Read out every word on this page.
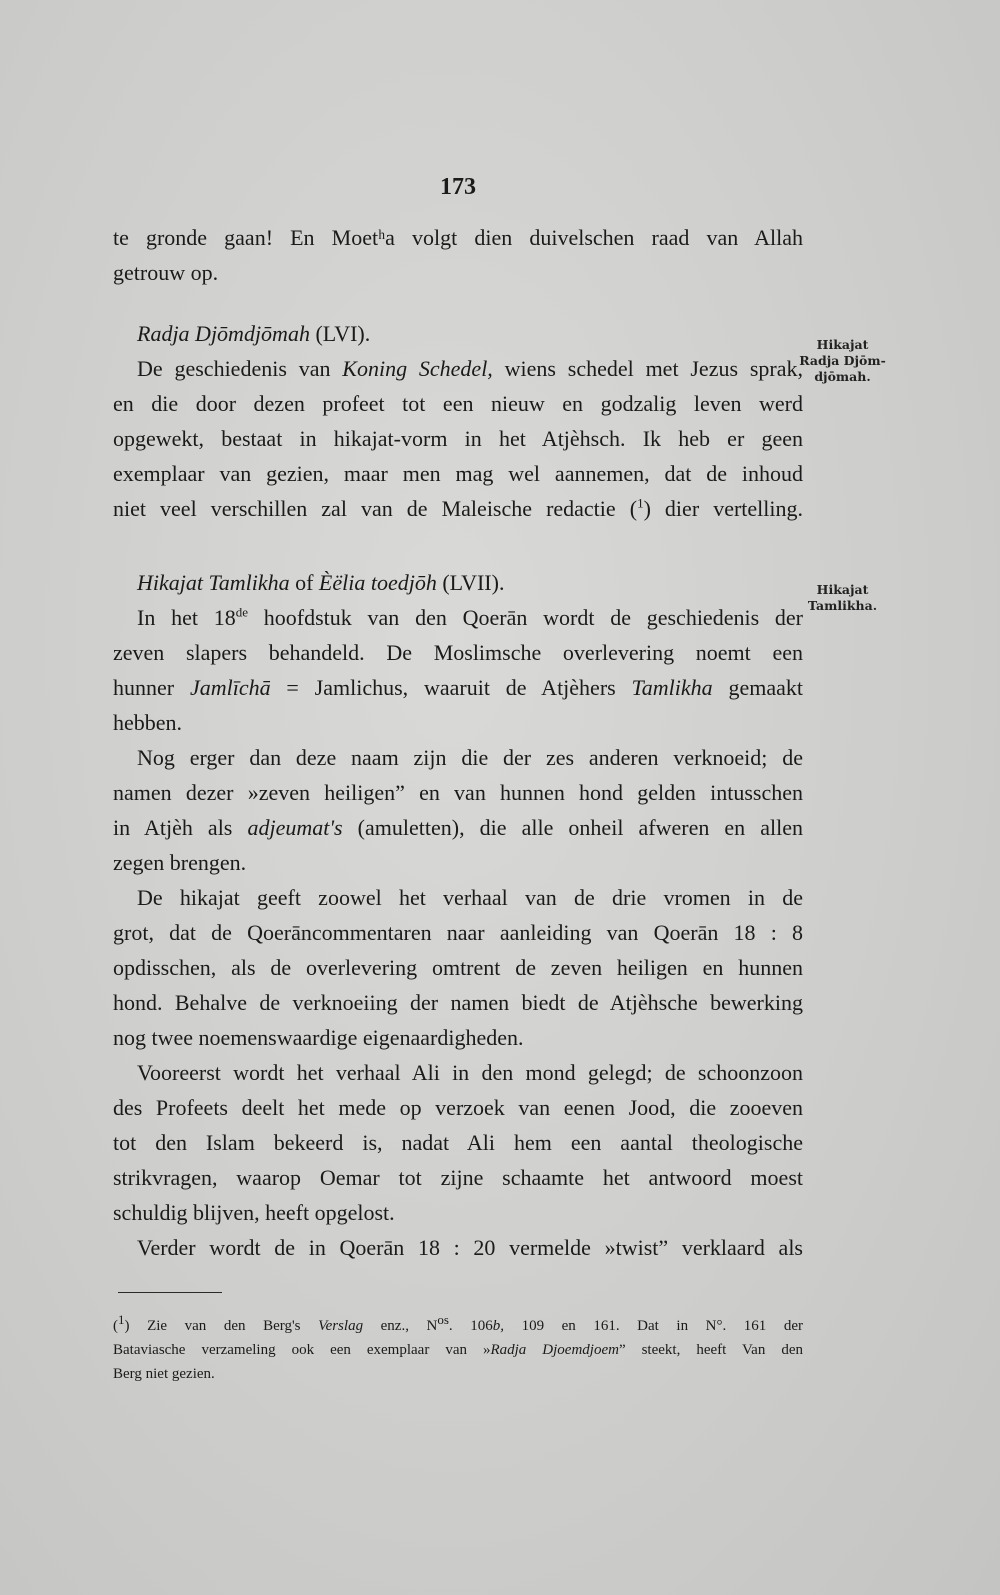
173
te gronde gaan! En Moetʰa volgt dien duivelschen raad van Allah
getrouw op.
Radja Djōmdjōmah (LVI).
De geschiedenis van Koning Schedel, wiens schedel met Jezus sprak,
en die door dezen profeet tot een nieuw en godzalig leven werd
opgewekt, bestaat in hikajat-vorm in het Atjèhsch. Ik heb er geen
exemplaar van gezien, maar men mag wel aannemen, dat de inhoud
niet veel verschillen zal van de Maleische redactie ($^1$) dier vertelling.
Hikajat Tamlikha of Èëlia toedjōh (LVII).
In het 18de hoofdstuk van den Qoerān wordt de geschiedenis der
zeven slapers behandeld. De Moslimsche overlevering noemt een
hunner Jamlīchā = Jamlichus, waaruit de Atjèhers Tamlikha gemaakt
hebben.
Nog erger dan deze naam zijn die der zes anderen verknoeid; de
namen dezer »zeven heiligen” en van hunnen hond gelden intusschen
in Atjèh als adjeumat's (amuletten), die alle onheil afweren en allen
zegen brengen.
De hikajat geeft zoowel het verhaal van de drie vromen in de
grot, dat de Qoerāncommentaren naar aanleiding van Qoerān 18 : 8
opdisschen, als de overlevering omtrent de zeven heiligen en hunnen
hond. Behalve de verknoeiing der namen biedt de Atjèhsche bewerking
nog twee noemenswaardige eigenaardigheden.
Vooreerst wordt het verhaal Ali in den mond gelegd; de schoonzoon
des Profeets deelt het mede op verzoek van eenen Jood, die zooeven
tot den Islam bekeerd is, nadat Ali hem een aantal theologische
strikvragen, waarop Oemar tot zijne schaamte het antwoord moest
schuldig blijven, heeft opgelost.
Verder wordt de in Qoerān 18 : 20 vermelde »twist” verklaard als
Hikajat
Radja Djōm-
djōmah.
Hikajat
Tamlikha.
($^1$) Zie van den Berg's Verslag enz., $N^{os}$. 106b, 109 en 161. Dat in N°. 161 der
Bataviasche verzameling ook een exemplaar van »Radja Djoemdjoem” steekt, heeft Van den
Berg niet gezien.
